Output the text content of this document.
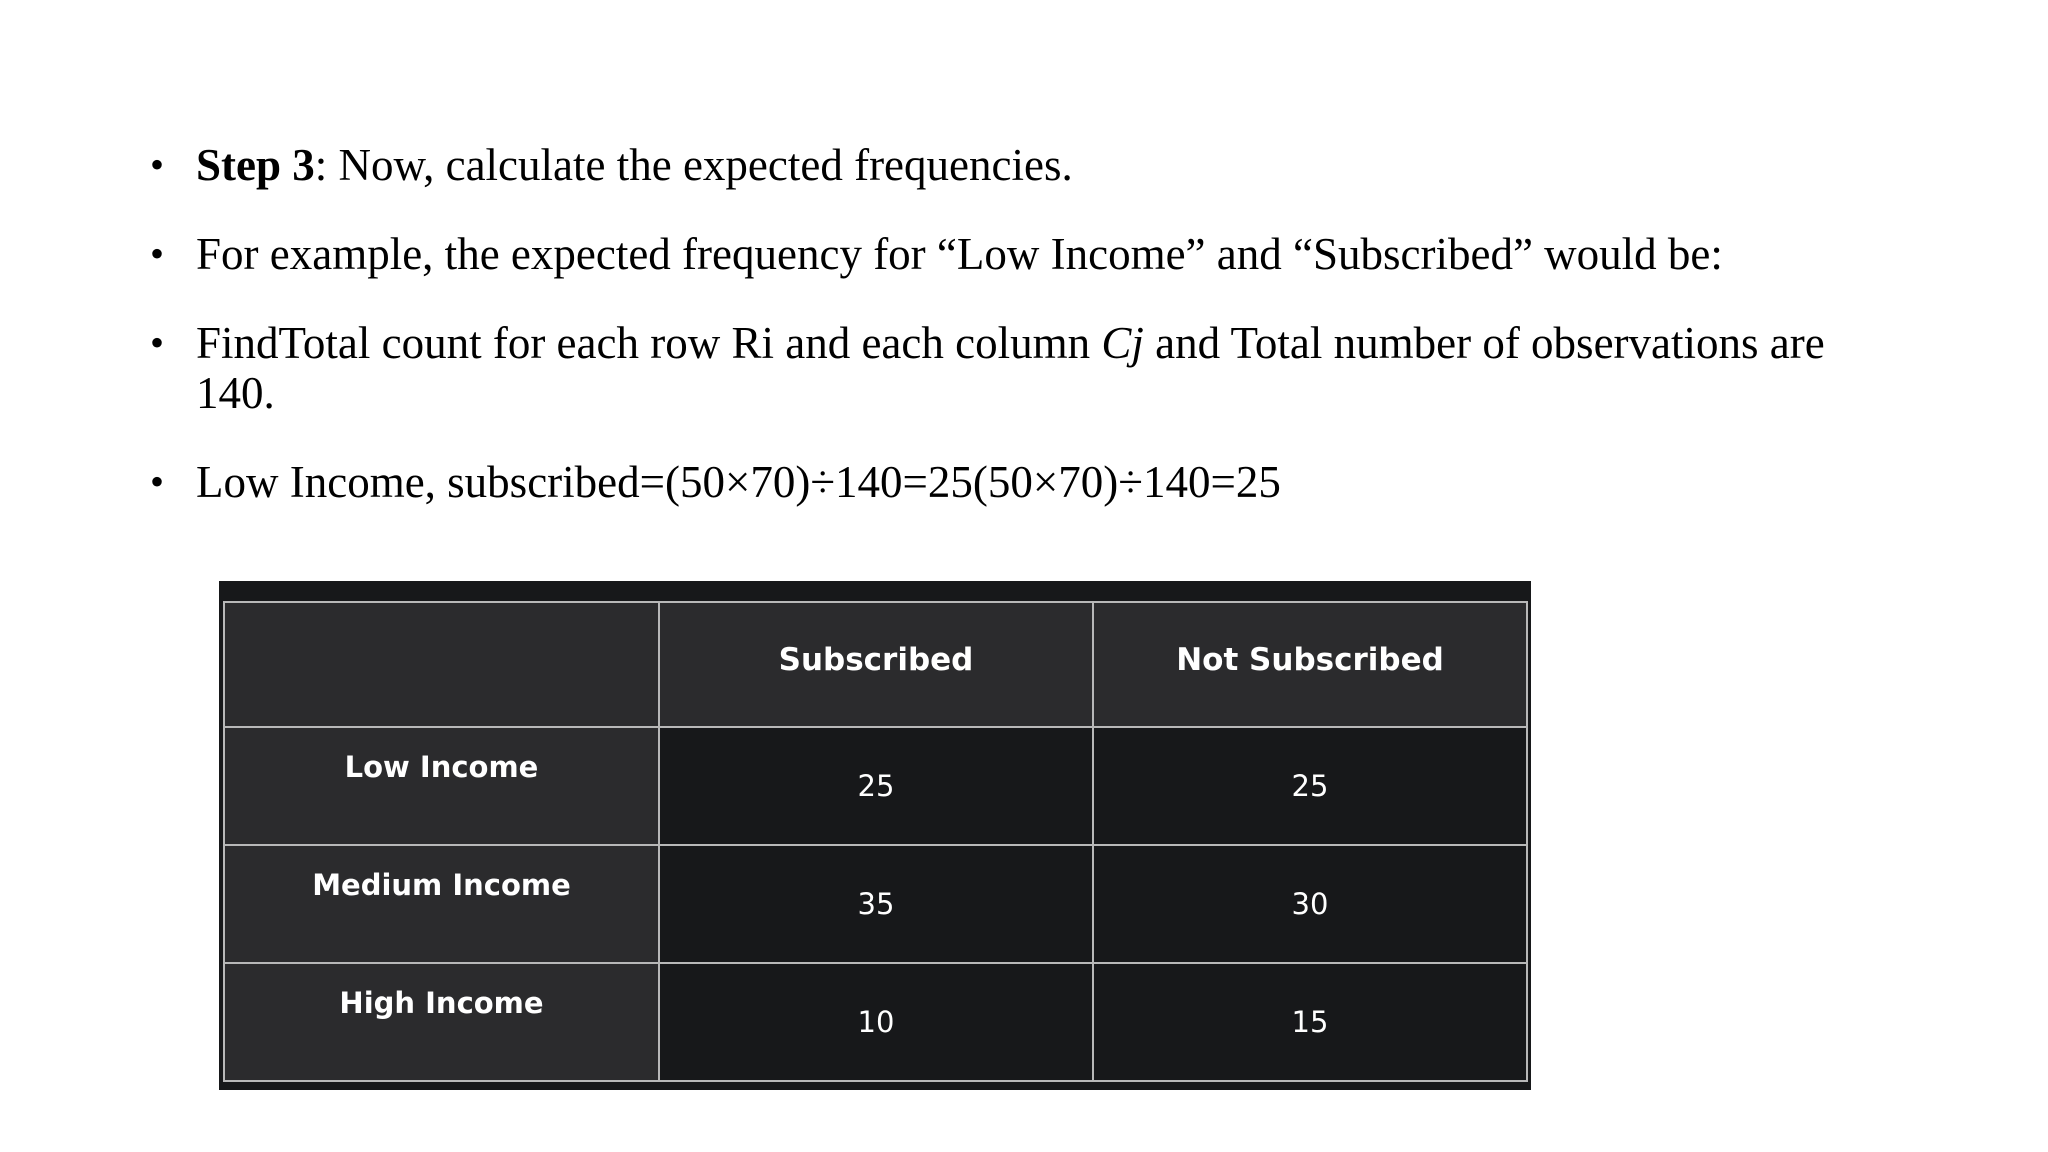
• Step 3: Now, calculate the expected frequencies.
• For example, the expected frequency for “Low Income” and “Subscribed” would be:
• FindTotal count for each row Ri and each column Cj and Total number of observations are 140.
• Low Income, subscribed=(50×70)÷140=25(50×70)÷140=25
	Subscribed	Not Subscribed
Low Income	25	25
Medium Income	35	30
High Income	10	15
